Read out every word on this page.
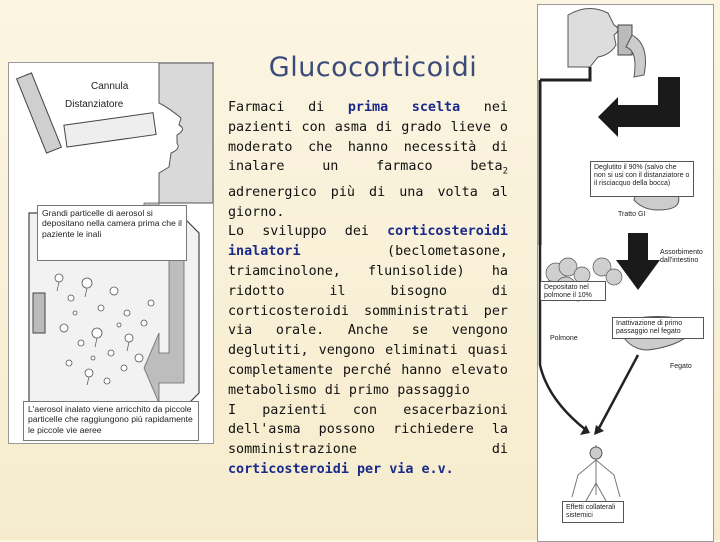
Glucocorticoidi

Farmaci di prima scelta nei pazienti con asma di grado lieve o moderato che hanno necessità di inalare un farmaco beta$_2$ adrenergico più di una volta al giorno.

Lo sviluppo dei corticosteroidi inalatori (beclometasone, triamcinolone, flunisolide) ha ridotto il bisogno di corticosteroidi somministrati per via orale. Anche se vengono deglutiti, vengono eliminati quasi completamente perché hanno elevato metabolismo di primo passaggio

I pazienti con esacerbazioni dell'asma possono richiedere la somministrazione di corticosteroidi per via e.v.

Cannula
Distanziatore
Grandi particelle di aerosol si depositano nella camera prima che il paziente le inali
L'aerosol inalato viene arricchito da piccole particelle che raggiungono più rapidamente le piccole vie aeree
Deglutito il 90% (salvo che non si usi con il distanziatore o il risciacquo della bocca)
Tratto GI
Assorbimento dall'intestino
Depositato nel polmone il 10%
Polmone
Inattivazione di primo passaggio nel fegato
Fegato
Effetti collaterali sistemici
